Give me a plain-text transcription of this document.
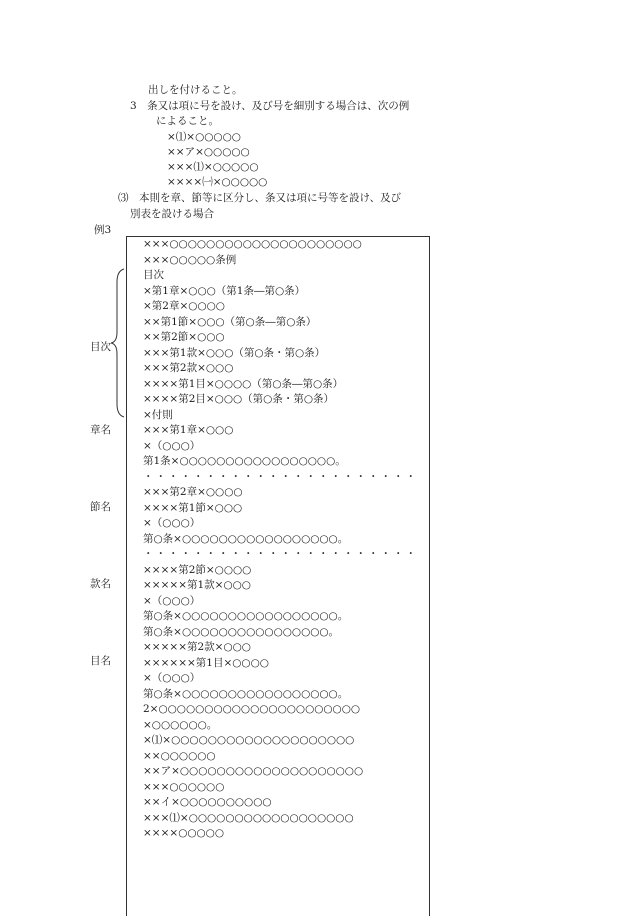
出しを付けること。
3　条又は項に号を設け、及び号を細別する場合は、次の例
によること。
×⑴×○○○○○
××ア×○○○○○
×××⑴×○○○○○
××××㈠×○○○○○
⑶　本則を章、節等に区分し、条又は項に号等を設け、及び
別表を設ける場合
例3
目次
章名
節名
款名
目名
×××○○○○○○○○○○○○○○○○○○○○○
×××○○○○○条例
目次
×第1章×○○○（第1条―第○条）
×第2章×○○○○
××第1節×○○○（第○条―第○条）
××第2節×○○○
×××第1款×○○○（第○条・第○条）
×××第2款×○○○
××××第1目×○○○○（第○条―第○条）
××××第2目×○○○（第○条・第○条）
×付則
×××第1章×○○○
×（○○○）
第1条×○○○○○○○○○○○○○○○○○。
・・・・・・・・・・・・・・・・・・・・・・
×××第2章×○○○○
××××第1節×○○○
×（○○○）
第○条×○○○○○○○○○○○○○○○○○。
・・・・・・・・・・・・・・・・・・・・・・
××××第2節×○○○○
×××××第1款×○○○
×（○○○）
第○条×○○○○○○○○○○○○○○○○○。
第○条×○○○○○○○○○○○○○○○○。
×××××第2款×○○○
××××××第1目×○○○○
×（○○○）
第○条×○○○○○○○○○○○○○○○○○。
2×○○○○○○○○○○○○○○○○○○○○○○
×○○○○○○。
×⑴×○○○○○○○○○○○○○○○○○○○○
××○○○○○○
××ア×○○○○○○○○○○○○○○○○○○○○
×××○○○○○○
××イ×○○○○○○○○○○
×××⑴×○○○○○○○○○○○○○○○○○○
××××○○○○○
